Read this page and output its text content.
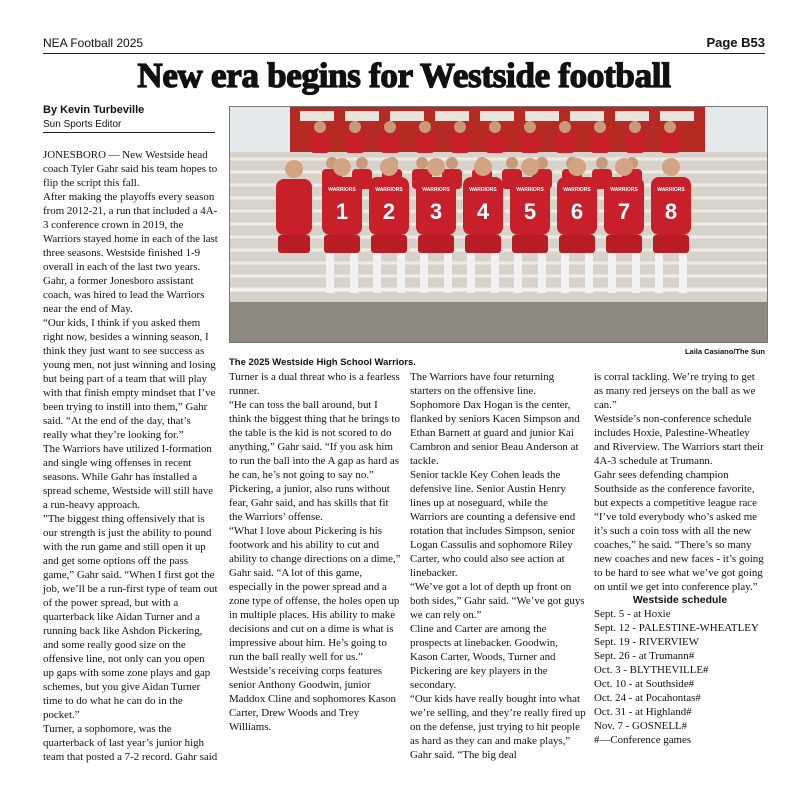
NEA Football 2025	Page B53
New era begins for Westside football
By Kevin Turbeville
Sun Sports Editor
WARRIORS
1
WARRIORS
2
WARRIORS
3
WARRIORS
4
WARRIORS
5
WARRIORS
6
WARRIORS
7
WARRIORS
8
Laila Casiano/The Sun
The 2025 Westside High School Warriors.

JONESBORO — New Westside head coach Tyler Gahr said his team hopes to flip the script this fall.

After making the playoffs every season from 2012-21, a run that included a 4A-3 conference crown in 2019, the Warriors stayed home in each of the last three seasons. Westside finished 1-9 overall in each of the last two years. Gahr, a former Jonesboro assistant coach, was hired to lead the Warriors near the end of May.

“Our kids, I think if you asked them right now, besides a winning season, I think they just want to see success as young men, not just winning and losing but being part of a team that will play with that finish empty mindset that I’ve been trying to instill into them,” Gahr said. “At the end of the day, that’s really what they’re looking for.”

The Warriors have utilized I-formation and single wing offenses in recent seasons. While Gahr has installed a spread scheme, Westside will still have a run-heavy approach.

”The biggest thing offensively that is our strength is just the ability to pound with the run game and still open it up and get some options off the pass game,” Gahr said. “When I first got the job, we’ll be a run-first type of team out of the power spread, but with a quarterback like Aidan Turner and a running back like Ashdon Pickering, and some really good size on the offensive line, not only can you open up gaps with some zone plays and gap schemes, but you give Aidan Turner time to do what he can do in the pocket.”

Turner, a sophomore, was the quarterback of last year’s junior high team that posted a 7-2 record. Gahr said

Turner is a dual threat who is a fearless runner.

“He can toss the ball around, but I think the biggest thing that he brings to the table is the kid is not scored to do anything,” Gahr said. “If you ask him to run the ball into the A gap as hard as he can, he’s not going to say no.”

Pickering, a junior, also runs without fear, Gahr said, and has skills that fit the Warriors’ offense.

“What I love about Pickering is his footwork and his ability to cut and ability to change directions on a dime,” Gahr said. “A lot of this game, especially in the power spread and a zone type of offense, the holes open up in multiple places. His ability to make decisions and cut on a dime is what is impressive about him. He’s going to run the ball really well for us.”

Westside’s receiving corps features senior Anthony Goodwin, junior Maddox Cline and sophomores Kason Carter, Drew Woods and Trey Williams.

The Warriors have four returning starters on the offensive line. Sophomore Dax Hogan is the center, flanked by seniors Kacen Simpson and Ethan Barnett at guard and junior Kai Cambron and senior Beau Anderson at tackle.

Senior tackle Key Cohen leads the defensive line. Senior Austin Henry lines up at noseguard, while the Warriors are counting a defensive end rotation that includes Simpson, senior Logan Cassulis and sophomore Riley Carter, who could also see action at linebacker.

“We’ve got a lot of depth up front on both sides,” Gahr said. “We’ve got guys we can rely on.”

Cline and Carter are among the prospects at linebacker. Goodwin, Kason Carter, Woods, Turner and Pickering are key players in the secondary.

“Our kids have really bought into what we’re selling, and they’re really fired up on the defense, just trying to hit people as hard as they can and make plays,” Gahr said. “The big deal

is corral tackling. We’re trying to get as many red jerseys on the ball as we can.”

Westside’s non-conference schedule includes Hoxie, Palestine-Wheatley and Riverview. The Warriors start their 4A-3 schedule at Trumann.

Gahr sees defending champion Southside as the conference favorite, but expects a competitive league race

“I’ve told everybody who’s asked me it’s such a coin toss with all the new coaches,” he said. “There’s so many new coaches and new faces - it’s going to be hard to see what we’ve got going on until we get into conference play.”

Westside schedule
Sept. 5 - at Hoxie
Sept. 12 - PALESTINE-WHEATLEY
Sept. 19 - RIVERVIEW
Sept. 26 - at Trumann#
Oct. 3 - BLYTHEVILLE#
Oct. 10 - at Southside#
Oct. 24 - at Pocahontas#
Oct. 31 - at Highland#
Nov. 7 - GOSNELL#
#—Conference games
